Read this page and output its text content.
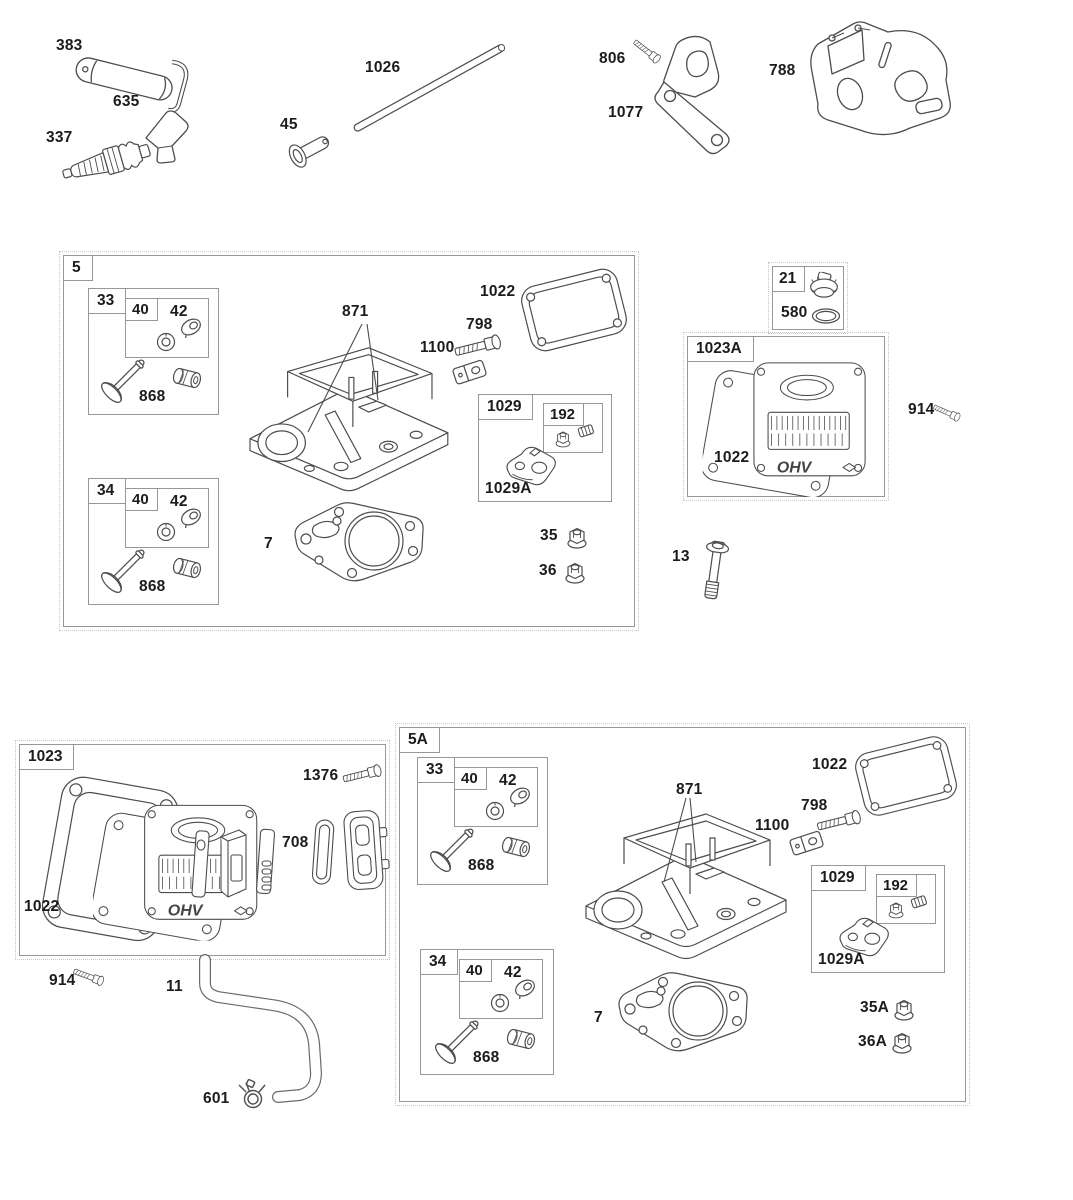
383
635
337
1026
45
806
1077
788
5
33
40	42
868
871
1022
798
1100
1029	192
1029A
34
40	42
868
7	35
36
13
21
580
1023A
1022
914
1023
708
1376
1022
914	11
601
5A
33
40	42
868
871
1022
798
1100
1029	192
1029A
34
40	42
868
7
35A
36A
